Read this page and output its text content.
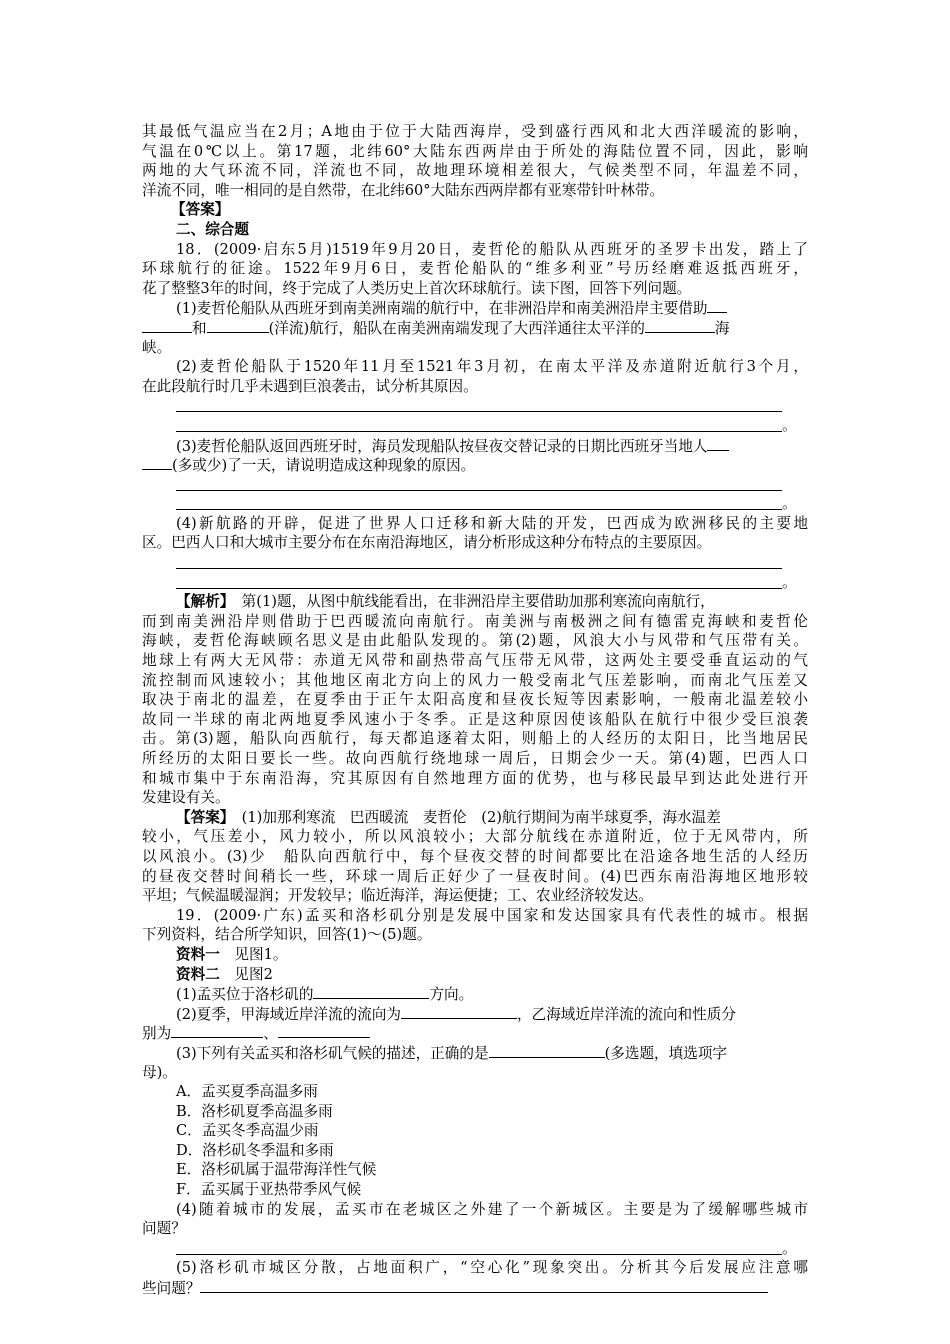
其最低气温应当在2月；A地由于位于大陆西海岸，受到盛行西风和北大西洋暖流的影响，
气温在0℃以上。第17题，北纬60°大陆东西两岸由于所处的海陆位置不同，因此，影响
两地的大气环流不同，洋流也不同，故地理环境相差很大，气候类型不同，年温差不同，
洋流不同，唯一相同的是自然带，在北纬60°大陆东西两岸都有亚寒带针叶林带。
【答案】
二、综合题
18．(2009·启东5月)1519年9月20日，麦哲伦的船队从西班牙的圣罗卡出发，踏上了
环球航行的征途。1522年9月6日，麦哲伦船队的“维多利亚”号历经磨难返抵西班牙，
花了整整3年的时间，终于完成了人类历史上首次环球航行。读下图，回答下列问题。
(1)麦哲伦船队从西班牙到南美洲南端的航行中，在非洲沿岸和南美洲沿岸主要借助
和	(洋流)航行，船队在南美洲南端发现了大西洋通往太平洋的	海
峡。
(2)麦哲伦船队于1520年11月至1521年3月初，在南太平洋及赤道附近航行3个月，
在此段航行时几乎未遇到巨浪袭击，试分析其原因。
。
(3)麦哲伦船队返回西班牙时，海员发现船队按昼夜交替记录的日期比西班牙当地人
(多或少)了一天，请说明造成这种现象的原因。
。
(4)新航路的开辟，促进了世界人口迁移和新大陆的开发，巴西成为欧洲移民的主要地
区。巴西人口和大城市主要分布在东南沿海地区，请分析形成这种分布特点的主要原因。
。
【解析】　第(1)题，从图中航线能看出，在非洲沿岸主要借助加那利寒流向南航行，
而到南美洲沿岸则借助于巴西暖流向南航行。南美洲与南极洲之间有德雷克海峡和麦哲伦
海峡，麦哲伦海峡顾名思义是由此船队发现的。第(2)题，风浪大小与风带和气压带有关。
地球上有两大无风带：赤道无风带和副热带高气压带无风带，这两处主要受垂直运动的气
流控制而风速较小；其他地区南北方向上的风力一般受南北气压差影响，而南北气压差又
取决于南北的温差，在夏季由于正午太阳高度和昼夜长短等因素影响，一般南北温差较小
故同一半球的南北两地夏季风速小于冬季。正是这种原因使该船队在航行中很少受巨浪袭
击。第(3)题，船队向西航行，每天都追逐着太阳，则船上的人经历的太阳日，比当地居民
所经历的太阳日要长一些。故向西航行绕地球一周后，日期会少一天。第(4)题，巴西人口
和城市集中于东南沿海，究其原因有自然地理方面的优势，也与移民最早到达此处进行开
发建设有关。
【答案】　(1)加那利寒流　巴西暖流　麦哲伦　(2)航行期间为南半球夏季，海水温差
较小，气压差小，风力较小，所以风浪较小；大部分航线在赤道附近，位于无风带内，所
以风浪小。(3)少　船队向西航行中，每个昼夜交替的时间都要比在沿途各地生活的人经历
的昼夜交替时间稍长一些，环球一周后正好少了一昼夜时间。(4)巴西东南沿海地区地形较
平坦；气候温暖湿润；开发较早；临近海洋，海运便捷；工、农业经济较发达。
19．(2009·广东)孟买和洛杉矶分别是发展中国家和发达国家具有代表性的城市。根据
下列资料，结合所学知识，回答(1)～(5)题。
资料一　见图1。
资料二　见图2
(1)孟买位于洛杉矶的	方向。
(2)夏季，甲海域近岸洋流的流向为	，乙海域近岸洋流的流向和性质分
别为	、
(3)下列有关孟买和洛杉矶气候的描述，正确的是	(多选题，填选项字
母)。
A．孟买夏季高温多雨
B．洛杉矶夏季高温多雨
C．孟买冬季高温少雨
D．洛杉矶冬季温和多雨
E．洛杉矶属于温带海洋性气候
F．孟买属于亚热带季风气候
(4)随着城市的发展，孟买市在老城区之外建了一个新城区。主要是为了缓解哪些城市
问题？
。
(5)洛杉矶市城区分散，占地面积广，“空心化”现象突出。分析其今后发展应注意哪
些问题？
